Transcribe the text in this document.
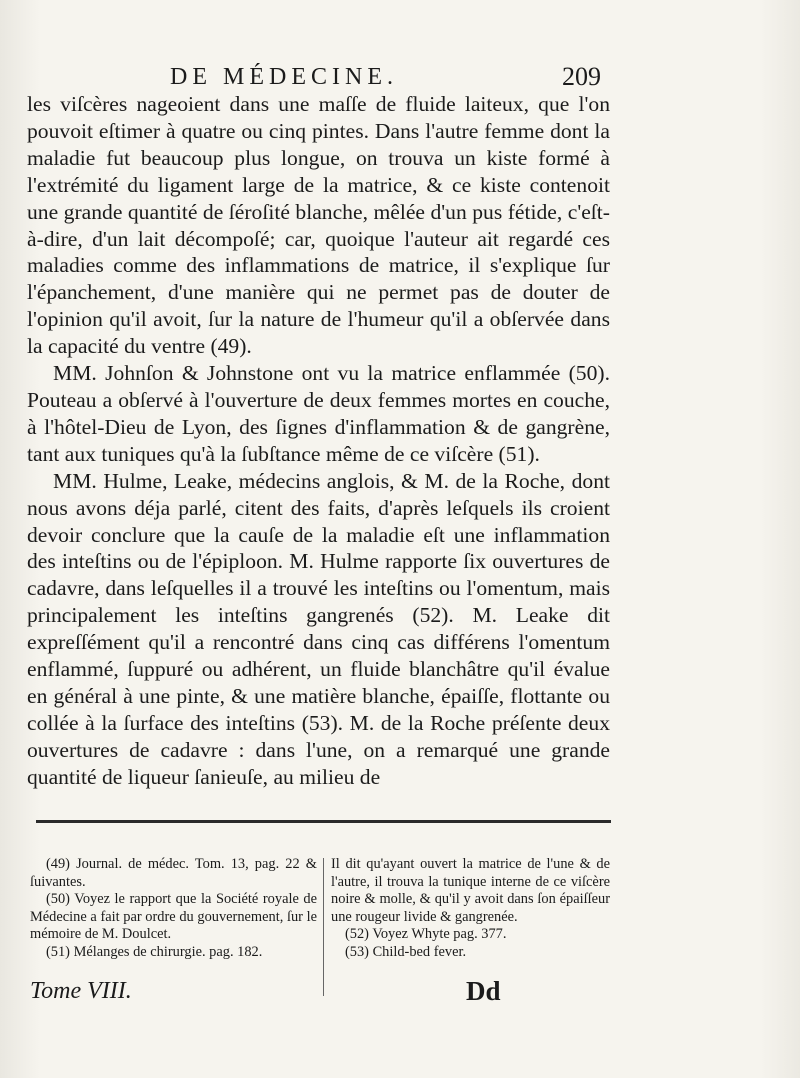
DE MÉDECINE.	209

les viſcères nageoient dans une maſſe de fluide laiteux, que l'on pouvoit eſtimer à quatre ou cinq pintes. Dans l'autre femme dont la maladie fut beaucoup plus longue, on trouva un kiste formé à l'extrémité du ligament large de la matrice, & ce kiste contenoit une grande quantité de ſéroſité blanche, mêlée d'un pus fétide, c'eſt-à-dire, d'un lait décompoſé; car, quoique l'auteur ait regardé ces maladies comme des inflammations de matrice, il s'explique ſur l'épanchement, d'une manière qui ne permet pas de douter de l'opinion qu'il avoit, ſur la nature de l'humeur qu'il a obſervée dans la capacité du ventre (49).

MM. Johnſon & Johnstone ont vu la matrice enflammée (50). Pouteau a obſervé à l'ouverture de deux femmes mortes en couche, à l'hôtel-Dieu de Lyon, des ſignes d'inflammation & de gangrène, tant aux tuniques qu'à la ſubſtance même de ce viſcère (51).

MM. Hulme, Leake, médecins anglois, & M. de la Roche, dont nous avons déja parlé, citent des faits, d'après leſquels ils croient devoir conclure que la cauſe de la maladie eſt une inflammation des inteſtins ou de l'épiploon. M. Hulme rapporte ſix ouvertures de cadavre, dans leſquelles il a trouvé les inteſtins ou l'omentum, mais principalement les inteſtins gangrenés (52). M. Leake dit expreſſément qu'il a rencontré dans cinq cas différens l'omentum enflammé, ſuppuré ou adhérent, un fluide blanchâtre qu'il évalue en général à une pinte, & une matière blanche, épaiſſe, flottante ou collée à la ſurface des inteſtins (53). M. de la Roche préſente deux ouvertures de cadavre : dans l'une, on a remarqué une grande quantité de liqueur ſanieuſe, au milieu de

(49) Journal. de médec. Tom. 13, pag. 22 & ſuivantes.

(50) Voyez le rapport que la Société royale de Médecine a fait par ordre du gouvernement, ſur le mémoire de M. Doulcet.

(51) Mélanges de chirurgie. pag. 182.

Il dit qu'ayant ouvert la matrice de l'une & de l'autre, il trouva la tunique interne de ce viſcère noire & molle, & qu'il y avoit dans ſon épaiſſeur une rougeur livide & gangrenée.

(52) Voyez Whyte pag. 377.

(53) Child-bed fever.

Tome VIII.	Dd
